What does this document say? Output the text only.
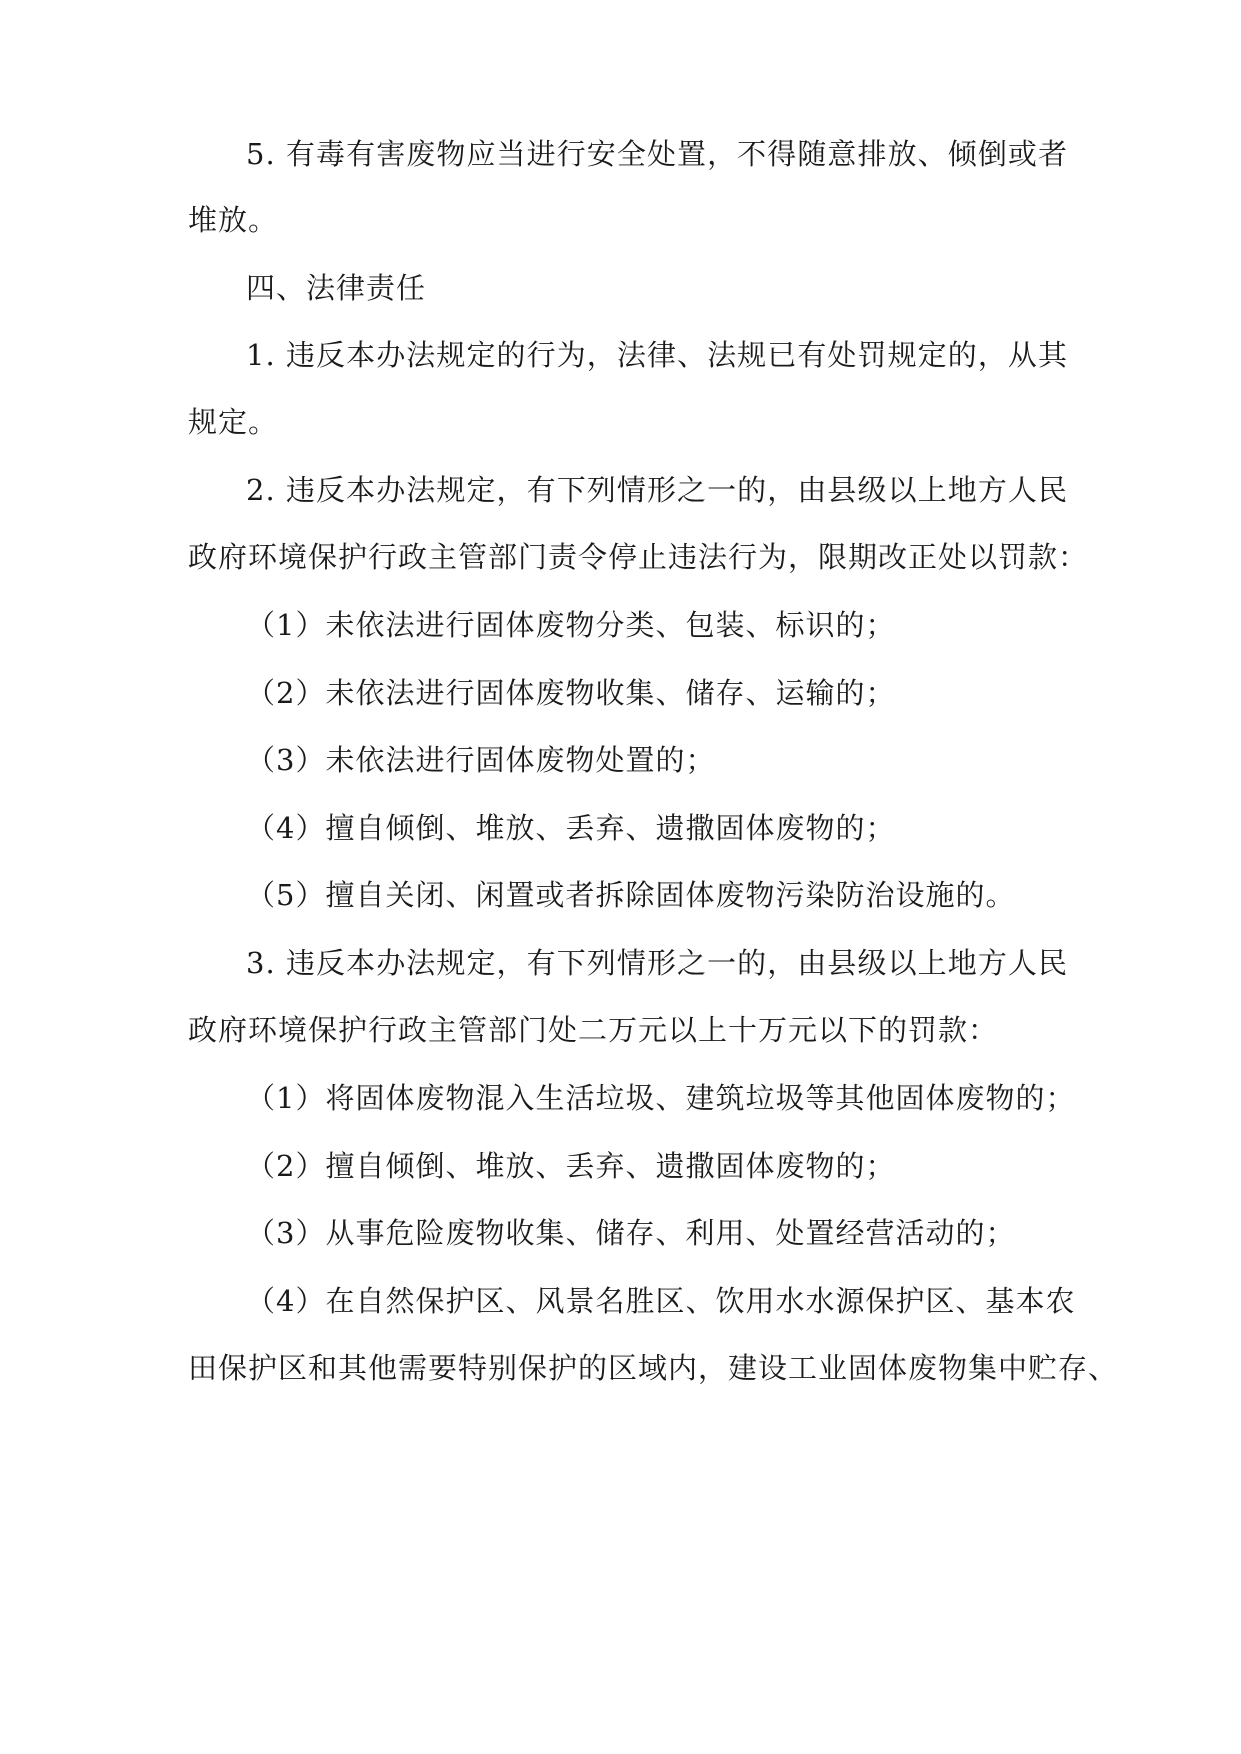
5. 有毒有害废物应当进行安全处置，不得随意排放、倾倒或者
堆放。
四、法律责任
1. 违反本办法规定的行为，法律、法规已有处罚规定的，从其
规定。
2. 违反本办法规定，有下列情形之一的，由县级以上地方人民
政府环境保护行政主管部门责令停止违法行为，限期改正处以罚款：
（1）未依法进行固体废物分类、包装、标识的；
（2）未依法进行固体废物收集、储存、运输的；
（3）未依法进行固体废物处置的；
（4）擅自倾倒、堆放、丢弃、遗撒固体废物的；
（5）擅自关闭、闲置或者拆除固体废物污染防治设施的。
3. 违反本办法规定，有下列情形之一的，由县级以上地方人民
政府环境保护行政主管部门处二万元以上十万元以下的罚款：
（1）将固体废物混入生活垃圾、建筑垃圾等其他固体废物的；
（2）擅自倾倒、堆放、丢弃、遗撒固体废物的；
（3）从事危险废物收集、储存、利用、处置经营活动的；
（4）在自然保护区、风景名胜区、饮用水水源保护区、基本农
田保护区和其他需要特别保护的区域内，建设工业固体废物集中贮存、
